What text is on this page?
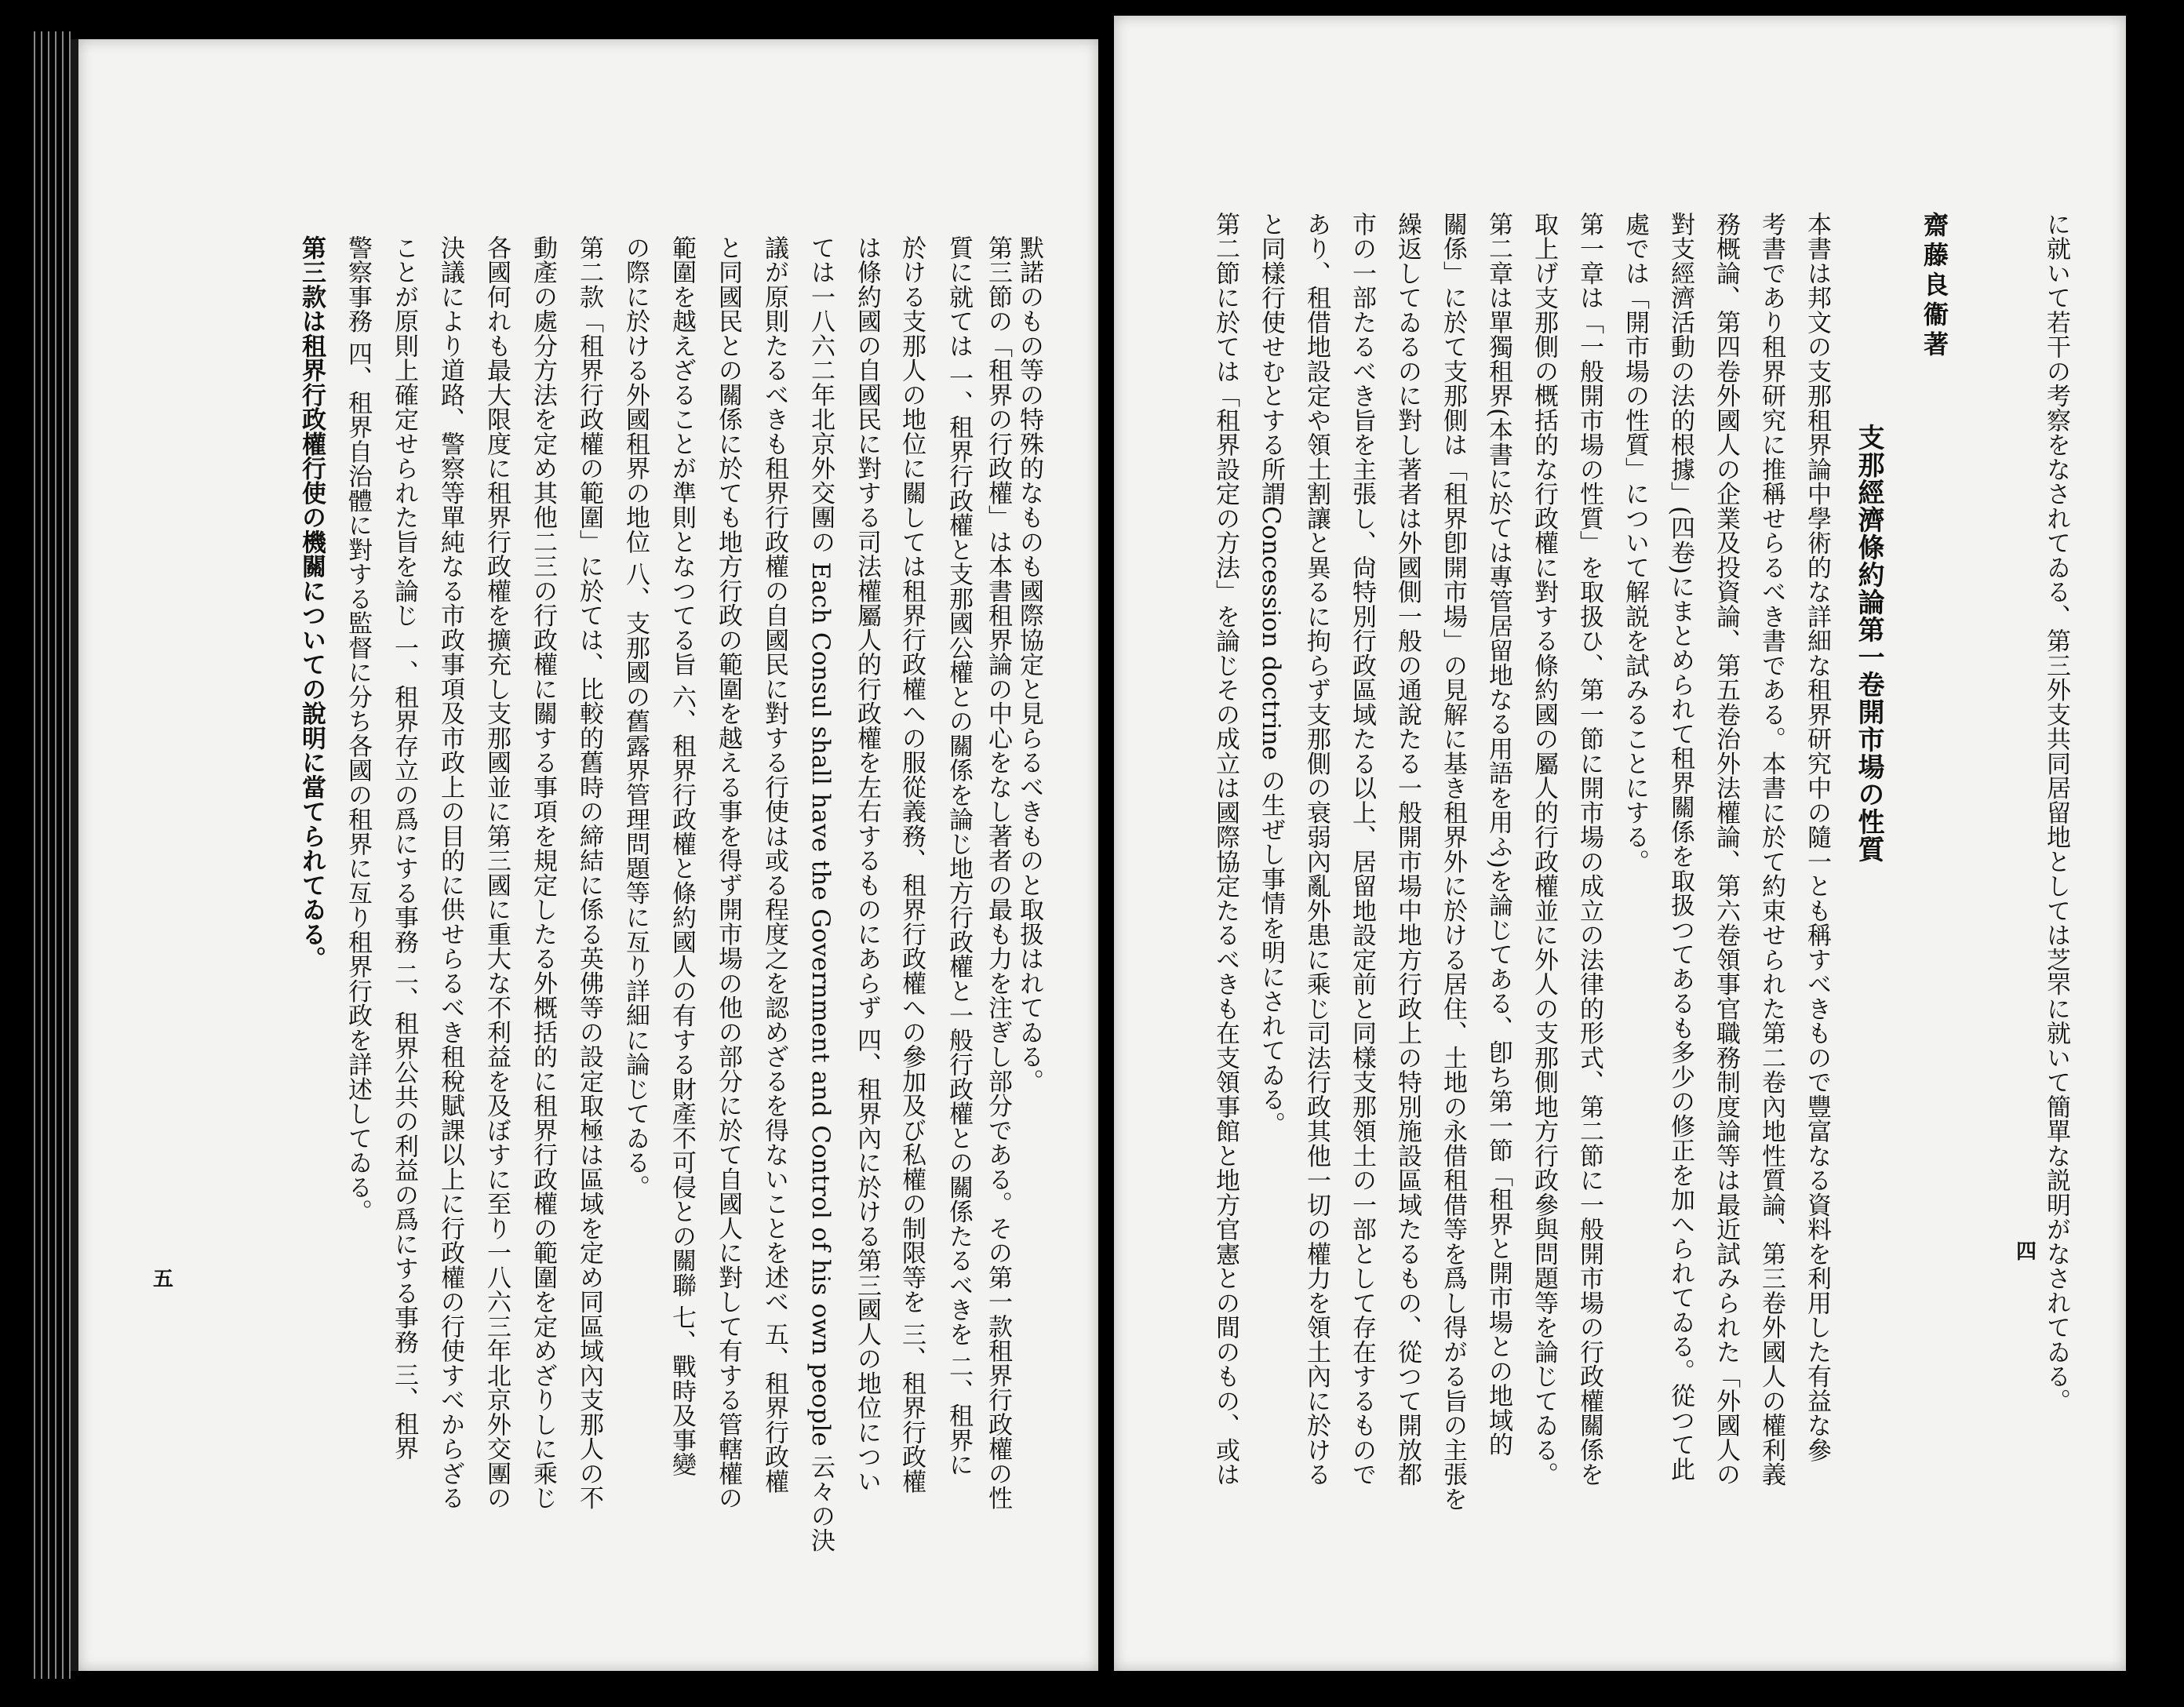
默諾のもの等の特殊的なものも國際協定と見らるべきものと取扱はれてゐる。
第三節の「租界の行政權」は本書租界論の中心をなし著者の最も力を注ぎし部分である。その第一款租界行政權の性
質に就ては 一、租界行政權と支那國公權との關係を論じ地方行政權と一般行政權との關係たるべきを 二、租界に
於ける支那人の地位に關しては租界行政權への服從義務、租界行政權への參加及び私權の制限等を 三、租界行政權
は條約國の自國民に對する司法權屬人的行政權を左右するものにあらず 四、租界內に於ける第三國人の地位につい
ては一八六二年北京外交團の Each Consul shall have the Government and Control of his own people 云々の決
議が原則たるべきも租界行政權の自國民に對する行使は或る程度之を認めざるを得ないことを述べ 五、租界行政權
と同國民との關係に於ても地方行政の範圍を越える事を得ず開市場の他の部分に於て自國人に對して有する管轄權の
範圍を越えざることが準則となつてる旨 六、租界行政權と條約國人の有する財產不可侵との關聯 七、戰時及事變
の際に於ける外國租界の地位 八、支那國の舊露界管理問題等に亙り詳細に論じてゐる。
第二款「租界行政權の範圍」に於ては、比較的舊時の締結に係る英佛等の設定取極は區域を定め同區域內支那人の不
動產の處分方法を定め其他二三の行政權に關する事項を規定したる外概括的に租界行政權の範圍を定めざりしに乘じ
各國何れも最大限度に租界行政權を擴充し支那國並に第三國に重大な不利益を及ぼすに至り一八六三年北京外交團の
決議により道路、警察等單純なる市政事項及市政上の目的に供せらるべき租稅賦課以上に行政權の行使すべからざる
ことが原則上確定せられた旨を論じ 一、租界存立の爲にする事務 二、租界公共の利益の爲にする事務 三、租界
警察事務 四、租界自治體に對する監督に分ち各國の租界に亙り租界行政を詳述してゐる。
第三款は租界行政權行使の機關についての說明に當てられてゐる。
五	に就いて若干の考察をなされてゐる、第三外支共同居留地としては芝罘に就いて簡單な説明がなされてゐる。
本書は邦文の支那租界論中學術的な詳細な租界研究中の隨一とも稱すべきもので豐富なる資料を利用した有益な參
考書であり租界研究に推稱せらるべき書である。本書に於て約束せられた第二卷內地性質論、第三卷外國人の權利義
務概論、第四卷外國人の企業及投資論、第五卷治外法權論、第六卷領事官職務制度論等は最近試みられた「外國人の
對支經濟活動の法的根據」(四卷)にまとめられて租界關係を取扱つてあるも多少の修正を加へられてゐる。從つて此
處では「開市場の性質」について解説を試みることにする。
第一章は「一般開市場の性質」を取扱ひ、第一節に開市場の成立の法律的形式、第二節に一般開市場の行政權關係を
取上げ支那側の概括的な行政權に對する條約國の屬人的行政權並に外人の支那側地方行政參與問題等を論じてゐる。
第二章は單獨租界(本書に於ては專管居留地なる用語を用ふ)を論じてある、卽ち第一節「租界と開市場との地域的
關係」に於て支那側は「租界卽開市場」の見解に基き租界外に於ける居住、土地の永借租借等を爲し得がる旨の主張を
繰返してゐるのに對し著者は外國側一般の通說たる一般開市場中地方行政上の特別施設區域たるもの、從つて開放都
市の一部たるべき旨を主張し、尙特別行政區域たる以上、居留地設定前と同樣支那領土の一部として存在するもので
あり、租借地設定や領土割讓と異るに拘らず支那側の衰弱內亂外患に乘じ司法行政其他一切の權力を領土內に於ける
と同樣行使せむとする所謂Concession doctrine の生ぜし事情を明にされてゐる。
第二節に於ては「租界設定の方法」を論じその成立は國際協定たるべきも在支領事館と地方官憲との間のもの、或は	齋藤良衞著
支那經濟條約論第一卷開市場の性質
四
